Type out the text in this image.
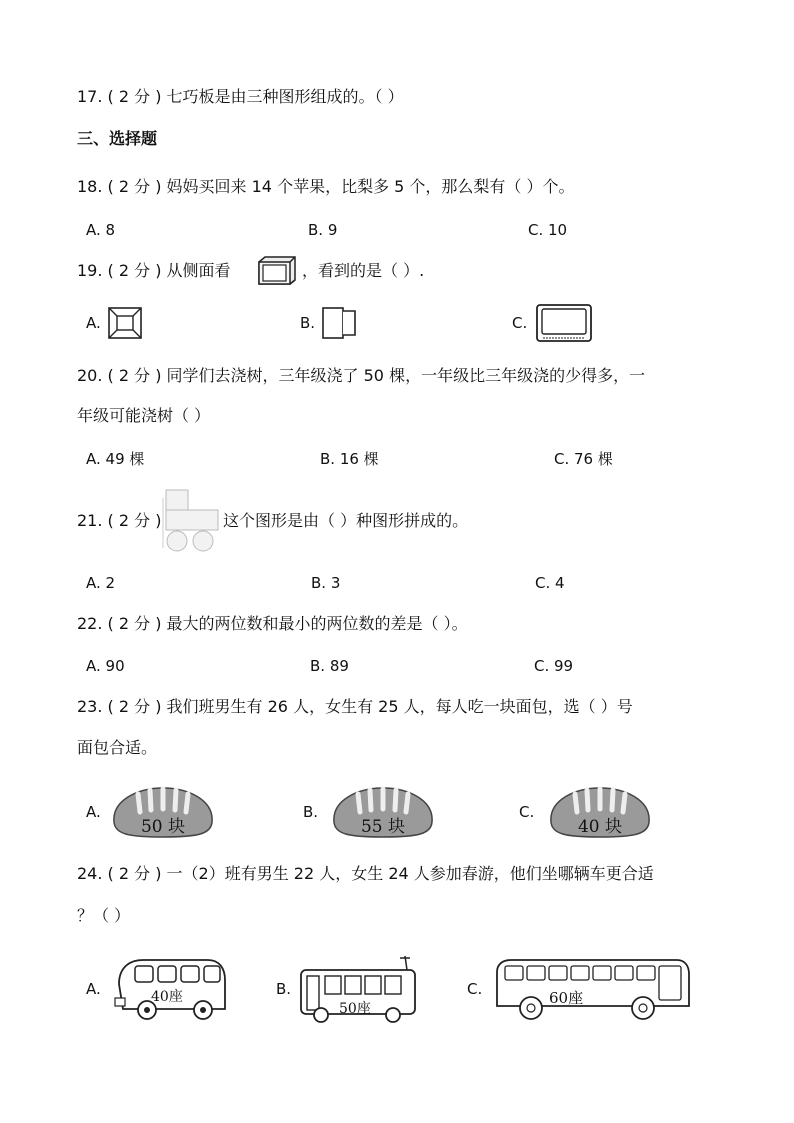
17. ( 2 分 ) 七巧板是由三种图形组成的。（ ）
三、选择题
18. ( 2 分 ) 妈妈买回来 14 个苹果，比梨多 5 个，那么梨有（ ）个。
A. 8	B. 9	C. 10
19. ( 2 分 ) 从侧面看	，看到的是（ ）.
A.	B.	C.
20. ( 2 分 ) 同学们去浇树，三年级浇了 50 棵，一年级比三年级浇的少得多，一
年级可能浇树（ ）
A. 49 棵	B. 16 棵	C. 76 棵
21. ( 2 分 )	这个图形是由（ ）种图形拼成的。
A. 2	B. 3	C. 4
22. ( 2 分 ) 最大的两位数和最小的两位数的差是（ ）。
A. 90	B. 89	C. 99
23. ( 2 分 ) 我们班男生有 26 人，女生有 25 人，每人吃一块面包，选（ ）号
面包合适。
A.
50 块
B.
55 块
C.
40 块
24. ( 2 分 ) 一（2）班有男生 22 人，女生 24 人参加春游，他们坐哪辆车更合适
？（ ）
A.	40座	B.
50座
C.	60座
